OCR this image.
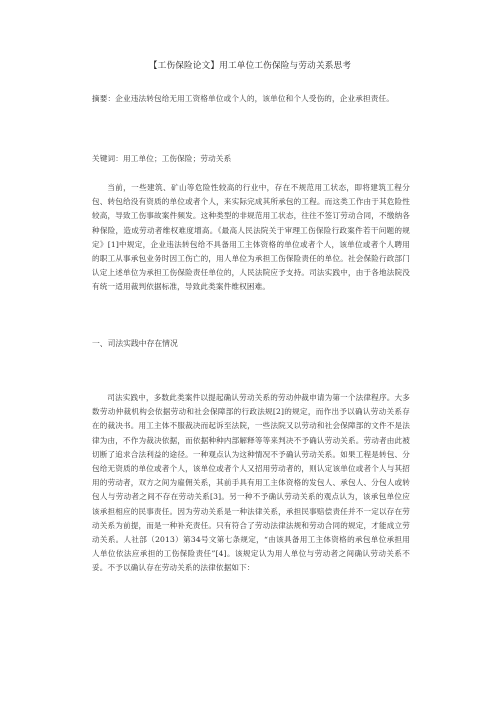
【工伤保险论文】用工单位工伤保险与劳动关系思考

摘要：企业违法转包给无用工资格单位或个人的，该单位和个人受伤的，企业承担责任。

关键词：用工单位；工伤保险；劳动关系

当前，一些建筑、矿山等危险性较高的行业中，存在不规范用工状态，即将建筑工程分包、转包给没有资质的单位或者个人，来实际完成其所承包的工程。而这类工作由于其危险性较高，导致工伤事故案件频发。这种类型的非规范用工状态，往往不签订劳动合同，不缴纳各种保险，造成劳动者维权难度增高。《最高人民法院关于审理工伤保险行政案件若干问题的规定》[1]中规定，企业违法转包给不具备用工主体资格的单位或者个人，该单位或者个人聘用的职工从事承包业务时因工伤亡的，用人单位为承担工伤保险责任的单位。社会保险行政部门认定上述单位为承担工伤保险责任单位的，人民法院应予支持。司法实践中，由于各地法院没有统一适用裁判依据标准，导致此类案件维权困难。

一、司法实践中存在情况

司法实践中，多数此类案件以提起确认劳动关系的劳动仲裁申请为第一个法律程序。大多数劳动仲裁机构会依据劳动和社会保障部的行政法规[2]的规定，而作出予以确认劳动关系存在的裁决书。用工主体不服裁决而起诉至法院，一些法院又以劳动和社会保障部的文件不是法律为由，不作为裁决依据，而依据种种内部解释等等来判决不予确认劳动关系。劳动者由此被切断了追求合法利益的途径。一种观点认为这种情况不予确认劳动关系。如果工程是转包、分包给无资质的单位或者个人，该单位或者个人又招用劳动者的，则认定该单位或者个人与其招用的劳动者，双方之间为雇佣关系，其前手具有用工主体资格的发包人、承包人、分包人或转包人与劳动者之间不存在劳动关系[3]。另一种不予确认劳动关系的观点认为，该承包单位应该承担相应的民事责任。因为劳动关系是一种法律关系，承担民事赔偿责任并不一定以存在劳动关系为前提，而是一种补充责任。只有符合了劳动法律法规和劳动合同的规定，才能成立劳动关系。人社部（2013）第34号文第七条规定，“由该具备用工主体资格的承包单位承担用人单位依法应承担的工伤保险责任”[4]。该规定认为用人单位与劳动者之间确认劳动关系不妥。不予以确认存在劳动关系的法律依据如下：
